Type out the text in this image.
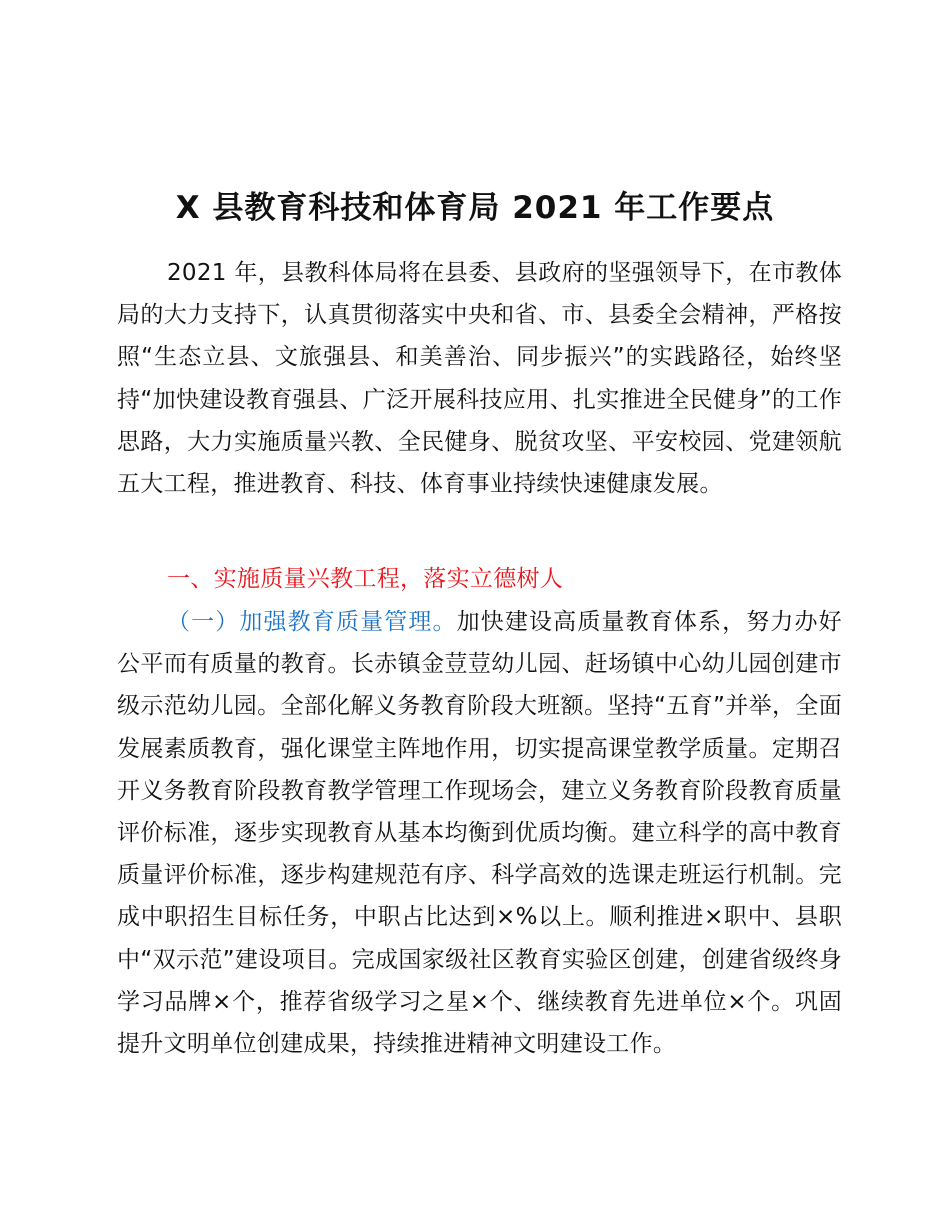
X 县教育科技和体育局 2021 年工作要点

2021 年，县教科体局将在县委、县政府的坚强领导下，在市教体局的大力支持下，认真贯彻落实中央和省、市、县委全会精神，严格按照“生态立县、文旅强县、和美善治、同步振兴”的实践路径，始终坚持“加快建设教育强县、广泛开展科技应用、扎实推进全民健身”的工作思路，大力实施质量兴教、全民健身、脱贫攻坚、平安校园、党建领航五大工程，推进教育、科技、体育事业持续快速健康发展。

一、实施质量兴教工程，落实立德树人

（一）加强教育质量管理。加快建设高质量教育体系，努力办好公平而有质量的教育。长赤镇金荳荳幼儿园、赶场镇中心幼儿园创建市级示范幼儿园。全部化解义务教育阶段大班额。坚持“五育”并举，全面发展素质教育，强化课堂主阵地作用，切实提高课堂教学质量。定期召开义务教育阶段教育教学管理工作现场会，建立义务教育阶段教育质量评价标准，逐步实现教育从基本均衡到优质均衡。建立科学的高中教育质量评价标准，逐步构建规范有序、科学高效的选课走班运行机制。完成中职招生目标任务，中职占比达到×%以上。顺利推进×职中、县职中“双示范”建设项目。完成国家级社区教育实验区创建，创建省级终身学习品牌×个，推荐省级学习之星×个、继续教育先进单位×个。巩固提升文明单位创建成果，持续推进精神文明建设工作。
